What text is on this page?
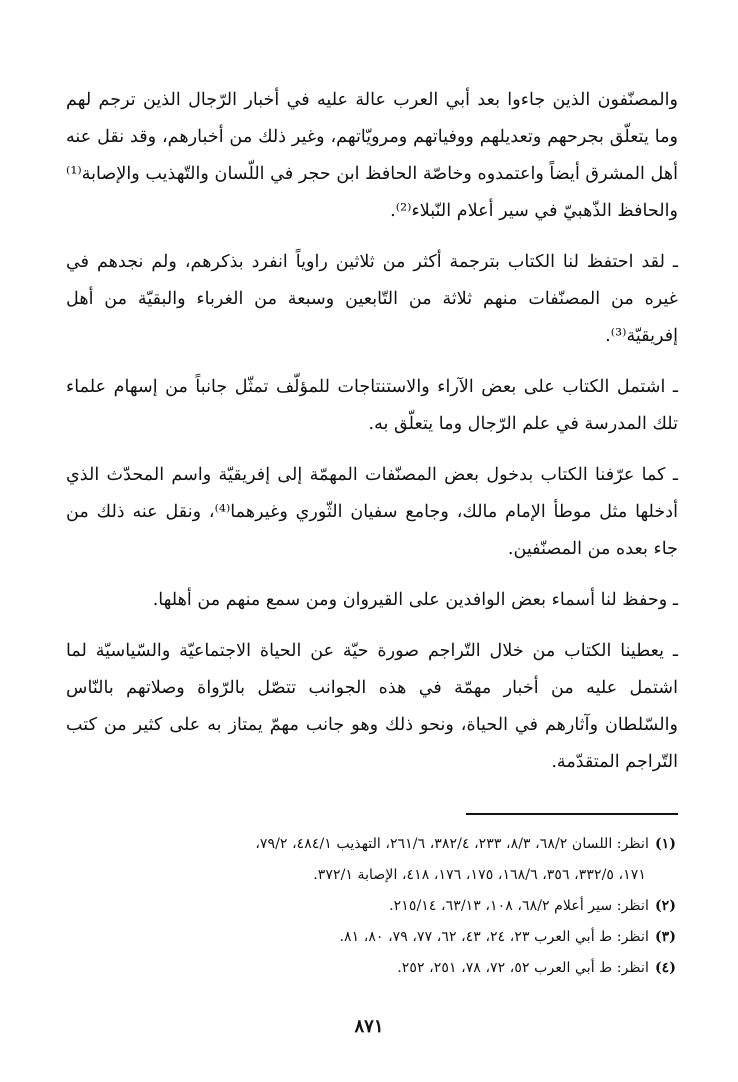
والمصنّفون الذين جاءوا بعد أبي العرب عالة عليه في أخبار الرّجال الذين ترجم لهم وما يتعلّق بجرحهم وتعديلهم ووفياتهم ومرويّاتهم، وغير ذلك من أخبارهم، وقد نقل عنه أهل المشرق أيضاً واعتمدوه وخاصّة الحافظ ابن حجر في اللّسان والتّهذيب والإصابة⁽¹⁾ والحافظ الذّهبيّ في سير أعلام النّبلاء⁽²⁾.

ـ لقد احتفظ لنا الكتاب بترجمة أكثر من ثلاثين راوياً انفرد بذكرهم، ولم نجدهم في غيره من المصنّفات منهم ثلاثة من التّابعين وسبعة من الغرباء والبقيّة من أهل إفريقيّة⁽³⁾.

ـ اشتمل الكتاب على بعض الآراء والاستنتاجات للمؤلّف تمثّل جانباً من إسهام علماء تلك المدرسة في علم الرّجال وما يتعلّق به.

ـ كما عرّفنا الكتاب بدخول بعض المصنّفات المهمّة إلى إفريقيّة واسم المحدّث الذي أدخلها مثل موطأ الإمام مالك، وجامع سفيان الثّوري وغيرهما⁽⁴⁾، ونقل عنه ذلك من جاء بعده من المصنّفين.

ـ وحفظ لنا أسماء بعض الوافدين على القيروان ومن سمع منهم من أهلها.

ـ يعطينا الكتاب من خلال التّراجم صورة حيّة عن الحياة الاجتماعيّة والسّياسيّة لما اشتمل عليه من أخبار مهمّة في هذه الجوانب تتصّل بالرّواة وصلاتهم بالنّاس والسّلطان وآثارهم في الحياة، ونحو ذلك وهو جانب مهمّ يمتاز به على كثير من كتب التّراجم المتقدّمة.

(١)انظر: اللسان ٦٨/٢، ٨/٣، ٢٣٣، ٣٨٢/٤، ٢٦١/٦، التهذيب ٤٨٤/١، ٧٩/٢،
١٧١، ٣٣٢/٥، ٣٥٦، ١٦٨/٦، ١٧٥، ١٧٦، ٤١٨، الإصابة ٣٧٢/١.

(٢)انظر: سير أعلام ٦٨/٢، ١٠٨، ٦٣/١٣، ٢١٥/١٤.

(٣)انظر: ط أبي العرب ٢٣، ٢٤، ٤٣، ٦٢، ٧٧، ٧٩، ٨٠، ٨١.

(٤)انظر: ط أبي العرب ٥٢، ٧٢، ٧٨، ٢٥١، ٢٥٢.

٨٧١
